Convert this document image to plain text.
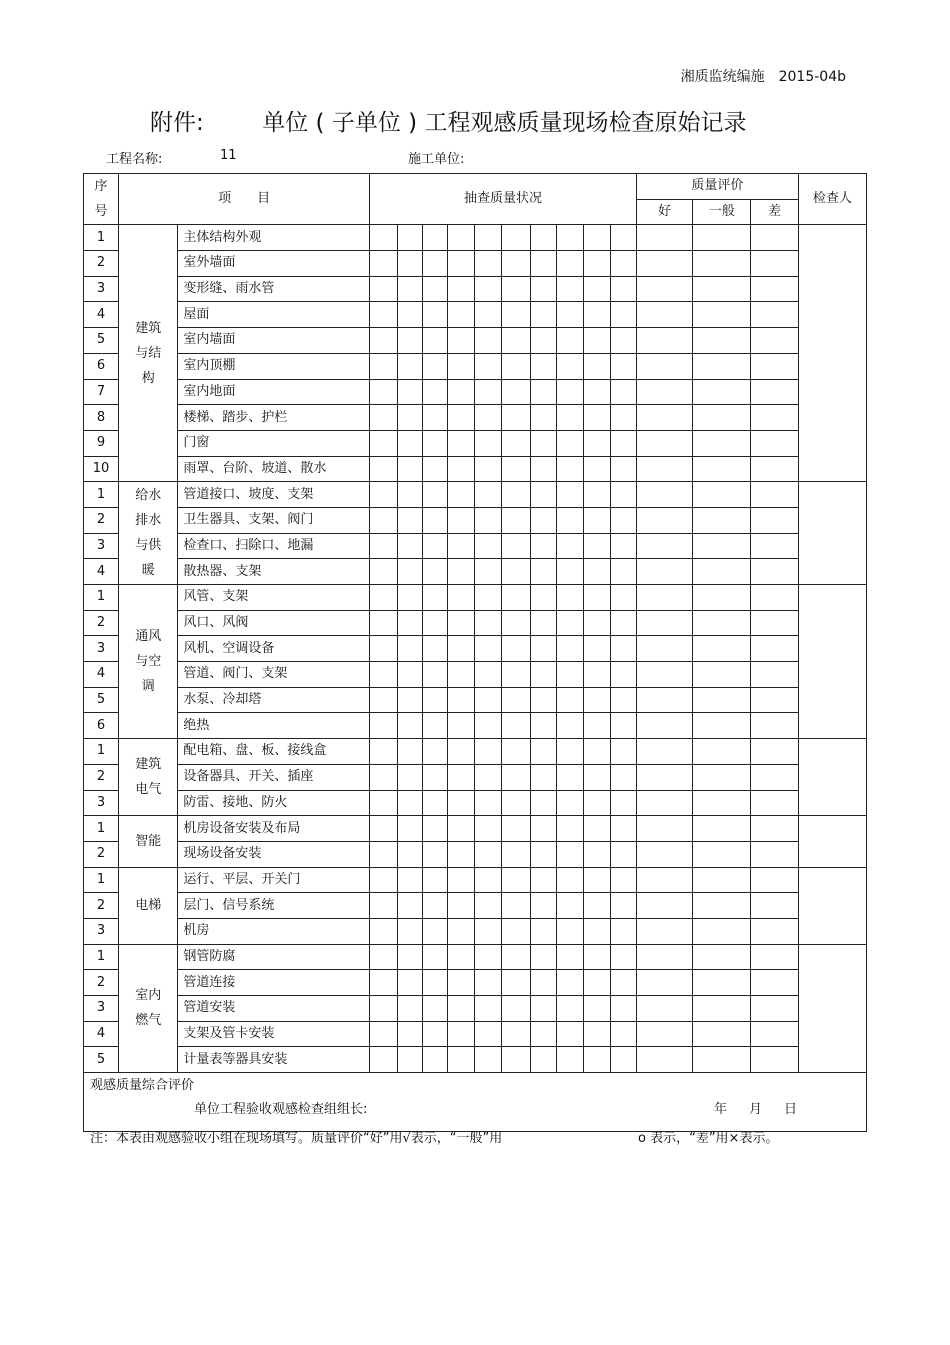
湘质监统编施　2015-04b
附件:	单位 ( 子单位 ) 工程观感质量现场检查原始记录
工程名称:	11	施工单位:
序
号	项　　目		抽查质量状况										质量评价			检查人
													好	一般	差	
1	建筑
与结
构	主体结构外观														
2		室外墙面														
3		变形缝、雨水管														
4		屋面														
5		室内墙面														
6		室内顶棚														
7		室内地面														
8		楼梯、踏步、护栏														
9		门窗														
10		雨罩、台阶、坡道、散水														
1	给水
排水
与供
暖	管道接口、坡度、支架														
2		卫生器具、支架、阀门														
3		检查口、扫除口、地漏														
4		散热器、支架														
1	通风
与空
调	风管、支架														
2		风口、风阀														
3		风机、空调设备														
4		管道、阀门、支架														
5		水泵、冷却塔														
6		绝热														
1	建筑
电气	配电箱、盘、板、接线盒														
2		设备器具、开关、插座														
3		防雷、接地、防火														
1	智能	机房设备安装及布局														
2		现场设备安装														
1	电梯	运行、平层、开关门														
2		层门、信号系统														
3		机房														
1	室内
燃气	钢管防腐														
2		管道连接														
3		管道安装														
4		支架及管卡安装														
5		计量表等器具安装														

观感质量综合评价
单位工程验收观感检查组组长: 年 月 日																
注：本表由观感验收小组在现场填写。质量评价“好”用√表示，“一般”用	o 表示，“差”用×表示。
